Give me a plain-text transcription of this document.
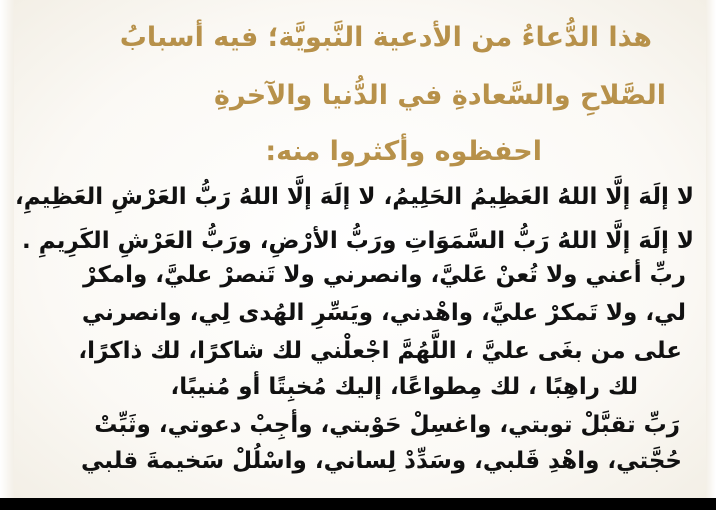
هذا الدُّعاءُ من الأدعية النَّبويَّة؛ فيه أسبابُ

الصَّلاحِ والسَّعادةِ في الدُّنيا والآخرةِ

احفظوه وأكثروا منه:

لا إلَهَ إلَّا اللهُ العَظِيمُ الحَلِيمُ، لا إلَهَ إلَّا اللهُ رَبُّ العَرْشِ العَظِيمِ،

لا إلَهَ إلَّا اللهُ رَبُّ السَّمَوَاتِ ورَبُّ الأرْضِ، ورَبُّ العَرْشِ الكَرِيمِ .

ربِّ أعني ولا تُعنْ عَليَّ، وانصرني ولا تَنصرْ عليَّ، وامكرْ

لي، ولا تَمكرْ عليَّ، واهْدني، ويَسِّرِ الهُدى لِي، وانصرني

على من بغَى عليَّ ، اللَّهُمَّ اجْعلْني لك شاكرًا، لك ذاكرًا،

لك راهِبًا ، لك مِطواعًا، إليك مُخبِتًا أو مُنيبًا،

رَبِّ تقبَّلْ توبتي، واغسِلْ حَوْبتي، وأجِبْ دعوتي، وثَبِّتْ

حُجَّتي، واهْدِ قَلبي، وسَدِّدْ لِساني، واسْلُلْ سَخيمةَ قلبي
